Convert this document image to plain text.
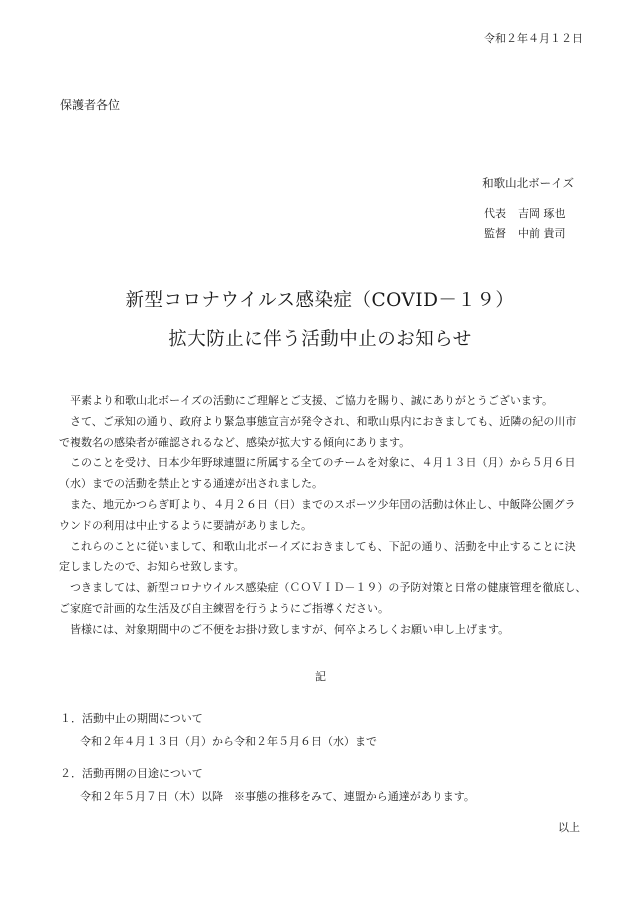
令和２年４月１２日
保護者各位
和歌山北ボーイズ
代表 吉岡 琢也
監督 中前 貴司
新型コロナウイルス感染症（COVID－１９）
拡大防止に伴う活動中止のお知らせ
　平素より和歌山北ボーイズの活動にご理解とご支援、ご協力を賜り、誠にありがとうございます。
　さて、ご承知の通り、政府より緊急事態宣言が発令され、和歌山県内におきましても、近隣の紀の川市
で複数名の感染者が確認されるなど、感染が拡大する傾向にあります。
　このことを受け、日本少年野球連盟に所属する全てのチームを対象に、４月１３日（月）から５月６日
（水）までの活動を禁止とする通達が出されました。
　また、地元かつらぎ町より、４月２６日（日）までのスポーツ少年団の活動は休止し、中飯降公園グラ
ウンドの利用は中止するように要請がありました。
　これらのことに従いまして、和歌山北ボーイズにおきましても、下記の通り、活動を中止することに決
定しましたので、お知らせ致します。
　つきましては、新型コロナウイルス感染症（ＣＯＶＩＤ－１９）の予防対策と日常の健康管理を徹底し、
ご家庭で計画的な生活及び自主練習を行うようにご指導ください。
　皆様には、対象期間中のご不便をお掛け致しますが、何卒よろしくお願い申し上げます。
記
１．活動中止の期間について
令和２年４月１３日（月）から令和２年５月６日（水）まで
２．活動再開の目途について
令和２年５月７日（木）以降　※事態の推移をみて、連盟から通達があります。
以上
